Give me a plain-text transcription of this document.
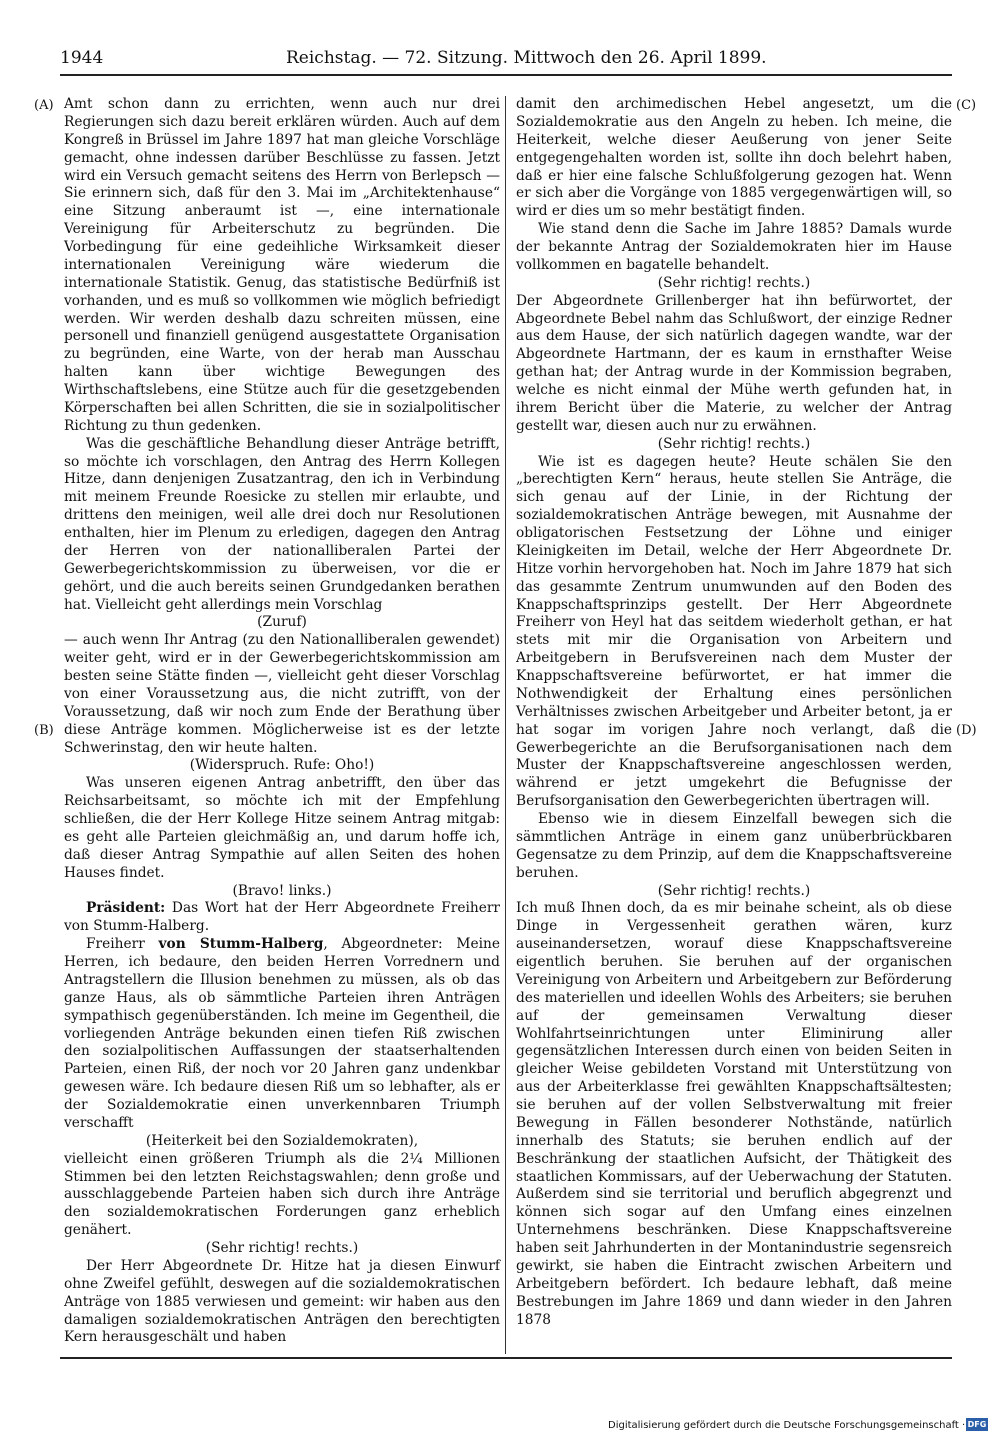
1944	Reichstag. — 72. Sitzung. Mittwoch den 26. April 1899.
(A)
(B)
(C)
(D)

Amt schon dann zu errichten, wenn auch nur drei Regierungen sich dazu bereit erklären würden. Auch auf dem Kongreß in Brüssel im Jahre 1897 hat man gleiche Vorschläge gemacht, ohne indessen darüber Beschlüsse zu fassen. Jetzt wird ein Versuch gemacht seitens des Herrn von Berlepsch — Sie erinnern sich, daß für den 3. Mai im „Architektenhause“ eine Sitzung anberaumt ist —, eine internationale Vereinigung für Arbeiterschutz zu begründen. Die Vorbedingung für eine gedeihliche Wirksamkeit dieser internationalen Vereinigung wäre wiederum die internationale Statistik. Genug, das statistische Bedürfniß ist vorhanden, und es muß so vollkommen wie möglich befriedigt werden. Wir werden deshalb dazu schreiten müssen, eine personell und finanziell genügend ausgestattete Organisation zu begründen, eine Warte, von der herab man Ausschau halten kann über wichtige Bewegungen des Wirthschaftslebens, eine Stütze auch für die gesetzgebenden Körperschaften bei allen Schritten, die sie in sozialpolitischer Richtung zu thun gedenken.

Was die geschäftliche Behandlung dieser Anträge betrifft, so möchte ich vorschlagen, den Antrag des Herrn Kollegen Hitze, dann denjenigen Zusatzantrag, den ich in Verbindung mit meinem Freunde Roesicke zu stellen mir erlaubte, und drittens den meinigen, weil alle drei doch nur Resolutionen enthalten, hier im Plenum zu erledigen, dagegen den Antrag der Herren von der nationalliberalen Partei der Gewerbegerichtskommission zu überweisen, vor die er gehört, und die auch bereits seinen Grundgedanken berathen hat. Vielleicht geht allerdings mein Vorschlag

(Zuruf)

— auch wenn Ihr Antrag (zu den Nationalliberalen gewendet) weiter geht, wird er in der Gewerbegerichtskommission am besten seine Stätte finden —, vielleicht geht dieser Vorschlag von einer Voraussetzung aus, die nicht zutrifft, von der Voraussetzung, daß wir noch zum Ende der Berathung über diese Anträge kommen. Möglicherweise ist es der letzte Schwerinstag, den wir heute halten.

(Widerspruch. Rufe: Oho!)

Was unseren eigenen Antrag anbetrifft, den über das Reichsarbeitsamt, so möchte ich mit der Empfehlung schließen, die der Herr Kollege Hitze seinem Antrag mitgab: es geht alle Parteien gleichmäßig an, und darum hoffe ich, daß dieser Antrag Sympathie auf allen Seiten des hohen Hauses findet.

(Bravo! links.)

Präsident: Das Wort hat der Herr Abgeordnete Freiherr von Stumm-Halberg.

Freiherr von Stumm-Halberg, Abgeordneter: Meine Herren, ich bedaure, den beiden Herren Vorrednern und Antragstellern die Illusion benehmen zu müssen, als ob das ganze Haus, als ob sämmtliche Parteien ihren Anträgen sympathisch gegenüberständen. Ich meine im Gegentheil, die vorliegenden Anträge bekunden einen tiefen Riß zwischen den sozialpolitischen Auffassungen der staatserhaltenden Parteien, einen Riß, der noch vor 20 Jahren ganz undenkbar gewesen wäre. Ich bedaure diesen Riß um so lebhafter, als er der Sozialdemokratie einen unverkennbaren Triumph verschafft

(Heiterkeit bei den Sozialdemokraten),

vielleicht einen größeren Triumph als die 2¼ Millionen Stimmen bei den letzten Reichstagswahlen; denn große und ausschlaggebende Parteien haben sich durch ihre Anträge den sozialdemokratischen Forderungen ganz erheblich genähert.

(Sehr richtig! rechts.)

Der Herr Abgeordnete Dr. Hitze hat ja diesen Einwurf ohne Zweifel gefühlt, deswegen auf die sozialdemokratischen Anträge von 1885 verwiesen und gemeint: wir haben aus den damaligen sozialdemokratischen Anträgen den berechtigten Kern herausgeschält und haben

damit den archimedischen Hebel angesetzt, um die Sozialdemokratie aus den Angeln zu heben. Ich meine, die Heiterkeit, welche dieser Aeußerung von jener Seite entgegengehalten worden ist, sollte ihn doch belehrt haben, daß er hier eine falsche Schlußfolgerung gezogen hat. Wenn er sich aber die Vorgänge von 1885 vergegenwärtigen will, so wird er dies um so mehr bestätigt finden.

Wie stand denn die Sache im Jahre 1885? Damals wurde der bekannte Antrag der Sozialdemokraten hier im Hause vollkommen en bagatelle behandelt.

(Sehr richtig! rechts.)

Der Abgeordnete Grillenberger hat ihn befürwortet, der Abgeordnete Bebel nahm das Schlußwort, der einzige Redner aus dem Hause, der sich natürlich dagegen wandte, war der Abgeordnete Hartmann, der es kaum in ernsthafter Weise gethan hat; der Antrag wurde in der Kommission begraben, welche es nicht einmal der Mühe werth gefunden hat, in ihrem Bericht über die Materie, zu welcher der Antrag gestellt war, diesen auch nur zu erwähnen.

(Sehr richtig! rechts.)

Wie ist es dagegen heute? Heute schälen Sie den „berechtigten Kern“ heraus, heute stellen Sie Anträge, die sich genau auf der Linie, in der Richtung der sozialdemokratischen Anträge bewegen, mit Ausnahme der obligatorischen Festsetzung der Löhne und einiger Kleinigkeiten im Detail, welche der Herr Abgeordnete Dr. Hitze vorhin hervorgehoben hat. Noch im Jahre 1879 hat sich das gesammte Zentrum unumwunden auf den Boden des Knappschaftsprinzips gestellt. Der Herr Abgeordnete Freiherr von Heyl hat das seitdem wiederholt gethan, er hat stets mit mir die Organisation von Arbeitern und Arbeitgebern in Berufsvereinen nach dem Muster der Knappschaftsvereine befürwortet, er hat immer die Nothwendigkeit der Erhaltung eines persönlichen Verhältnisses zwischen Arbeitgeber und Arbeiter betont, ja er hat sogar im vorigen Jahre noch verlangt, daß die Gewerbegerichte an die Berufsorganisationen nach dem Muster der Knappschaftsvereine angeschlossen werden, während er jetzt umgekehrt die Befugnisse der Berufsorganisation den Gewerbegerichten übertragen will.

Ebenso wie in diesem Einzelfall bewegen sich die sämmtlichen Anträge in einem ganz unüberbrückbaren Gegensatze zu dem Prinzip, auf dem die Knappschaftsvereine beruhen.

(Sehr richtig! rechts.)

Ich muß Ihnen doch, da es mir beinahe scheint, als ob diese Dinge in Vergessenheit gerathen wären, kurz auseinandersetzen, worauf diese Knappschaftsvereine eigentlich beruhen. Sie beruhen auf der organischen Vereinigung von Arbeitern und Arbeitgebern zur Beförderung des materiellen und ideellen Wohls des Arbeiters; sie beruhen auf der gemeinsamen Verwaltung dieser Wohlfahrtseinrichtungen unter Eliminirung aller gegensätzlichen Interessen durch einen von beiden Seiten in gleicher Weise gebildeten Vorstand mit Unterstützung von aus der Arbeiterklasse frei gewählten Knappschaftsältesten; sie beruhen auf der vollen Selbstverwaltung mit freier Bewegung in Fällen besonderer Nothstände, natürlich innerhalb des Statuts; sie beruhen endlich auf der Beschränkung der staatlichen Aufsicht, der Thätigkeit des staatlichen Kommissars, auf der Ueberwachung der Statuten. Außerdem sind sie territorial und beruflich abgegrenzt und können sich sogar auf den Umfang eines einzelnen Unternehmens beschränken. Diese Knappschaftsvereine haben seit Jahrhunderten in der Montanindustrie segensreich gewirkt, sie haben die Eintracht zwischen Arbeitern und Arbeitgebern befördert. Ich bedaure lebhaft, daß meine Bestrebungen im Jahre 1869 und dann wieder in den Jahren 1878

Digitalisierung gefördert durch die Deutsche Forschungsgemeinschaft · DFG
